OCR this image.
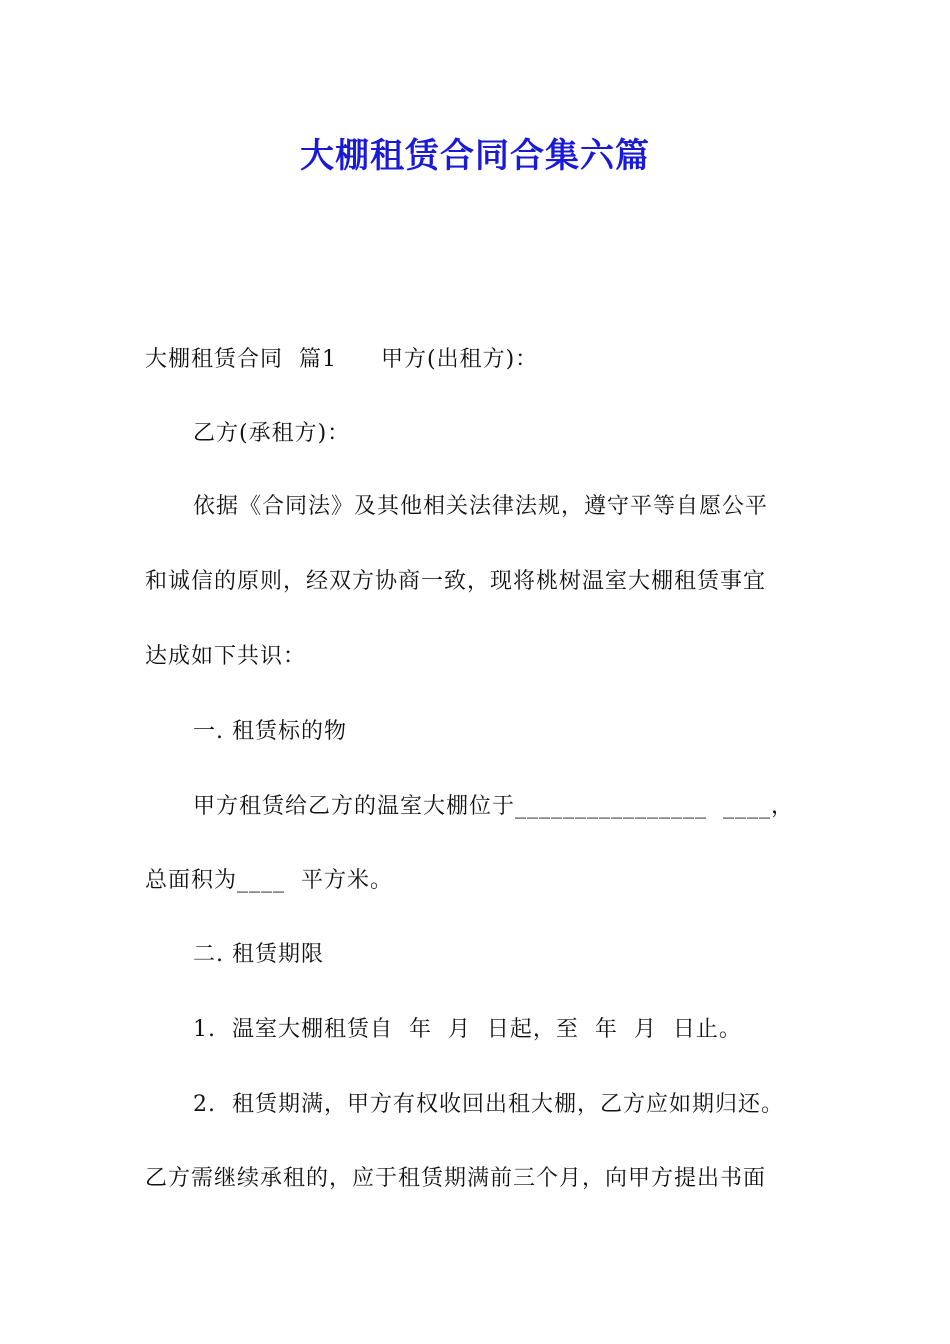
大棚租赁合同合集六篇
大棚租赁合同  篇1 甲方(出租方)：
乙方(承租方)：
依据《合同法》及其他相关法律法规，遵守平等自愿公平
和诚信的原则，经双方协商一致，现将桃树温室大棚租赁事宜
达成如下共识：
一. 租赁标的物
甲方租赁给乙方的温室大棚位于________________  ____，
总面积为____  平方米。
二. 租赁期限
1.  温室大棚租赁自  年  月  日起，至  年  月  日止。
2.  租赁期满，甲方有权收回出租大棚，乙方应如期归还。
乙方需继续承租的，应于租赁期满前三个月，向甲方提出书面
